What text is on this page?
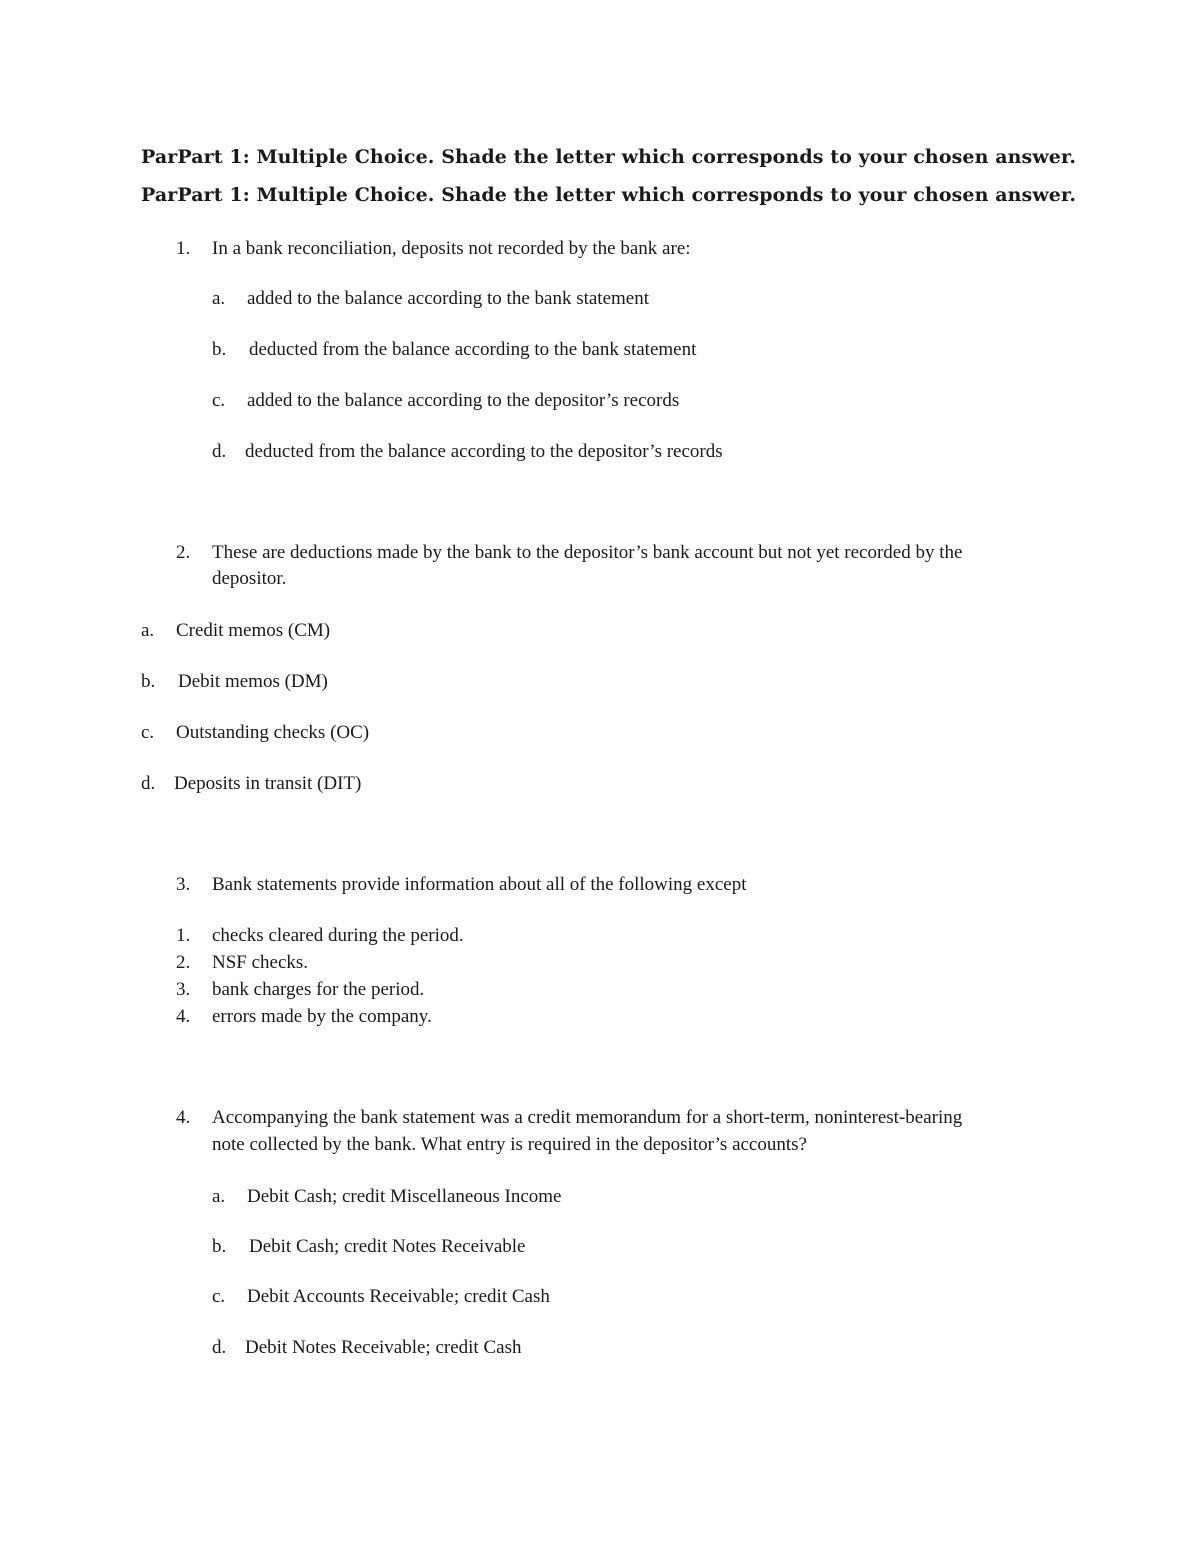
ParPart 1: Multiple Choice. Shade the letter which corresponds to your chosen answer.
ParPart 1: Multiple Choice. Shade the letter which corresponds to your chosen answer.
1. In a bank reconciliation, deposits not recorded by the bank are:
a. added to the balance according to the bank statement
b. deducted from the balance according to the bank statement
c. added to the balance according to the depositor’s records
d. deducted from the balance according to the depositor’s records
2. These are deductions made by the bank to the depositor’s bank account but not yet recorded by the
depositor.
a. Credit memos (CM)
b. Debit memos (DM)
c. Outstanding checks (OC)
d. Deposits in transit (DIT)
3. Bank statements provide information about all of the following except
1. checks cleared during the period.
2. NSF checks.
3. bank charges for the period.
4. errors made by the company.
4. Accompanying the bank statement was a credit memorandum for a short-term, noninterest-bearing
note collected by the bank. What entry is required in the depositor’s accounts?
a. Debit Cash; credit Miscellaneous Income
b. Debit Cash; credit Notes Receivable
c. Debit Accounts Receivable; credit Cash
d. Debit Notes Receivable; credit Cash
